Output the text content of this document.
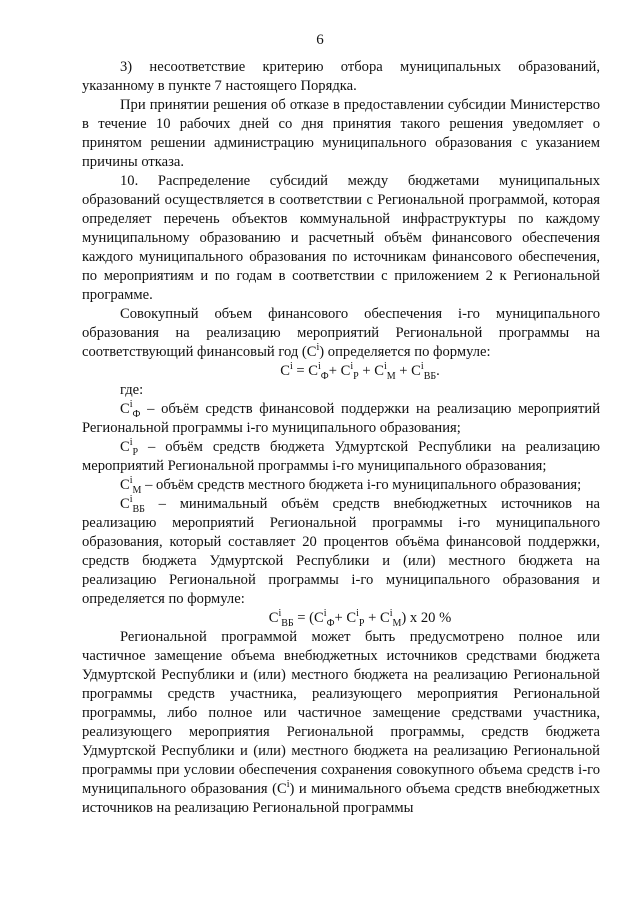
6

3) несоответствие критерию отбора муниципальных образований, указанному в пункте 7 настоящего Порядка.

При принятии решения об отказе в предоставлении субсидии Министерство в течение 10 рабочих дней со дня принятия такого решения уведомляет о принятом решении администрацию муниципального образования с указанием причины отказа.

10. Распределение субсидий между бюджетами муниципальных образований осуществляется в соответствии с Региональной программой, которая определяет перечень объектов коммунальной инфраструктуры по каждому муниципальному образованию и расчетный объём финансового обеспечения каждого муниципального образования по источникам финансового обеспечения, по мероприятиям и по годам в соответствии с приложением 2 к Региональной программе.

Совокупный объем финансового обеспечения i-го муниципального образования на реализацию мероприятий Региональной программы на соответствующий финансовый год $(C^i)$ определяется по формуле:

$C^i = C^i_Ф+ C^i_Р + C^i_М + C^i_{ВБ}$.

где:

$C^i_Ф$ – объём средств финансовой поддержки на реализацию мероприятий Региональной программы i-го муниципального образования;

$C^i_Р$ – объём средств бюджета Удмуртской Республики на реализацию мероприятий Региональной программы i-го муниципального образования;

$C^i_М$ – объём средств местного бюджета i-го муниципального образования;

$C^i_{ВБ}$ – минимальный объём средств внебюджетных источников на реализацию мероприятий Региональной программы i-го муниципального образования, который составляет 20 процентов объёма финансовой поддержки, средств бюджета Удмуртской Республики и (или) местного бюджета на реализацию Региональной программы i-го муниципального образования и определяется по формуле:

$C^i_{ВБ} = (C^i_Ф+ C^i_Р + C^i_М)$ х 20 %

Региональной программой может быть предусмотрено полное или частичное замещение объема внебюджетных источников средствами бюджета Удмуртской Республики и (или) местного бюджета на реализацию Региональной программы средств участника, реализующего мероприятия Региональной программы, либо полное или частичное замещение средствами участника, реализующего мероприятия Региональной программы, средств бюджета Удмуртской Республики и (или) местного бюджета на реализацию Региональной программы при условии обеспечения сохранения совокупного объема средств i-го муниципального образования $(C^i)$ и минимального объема средств внебюджетных источников на реализацию Региональной программы
